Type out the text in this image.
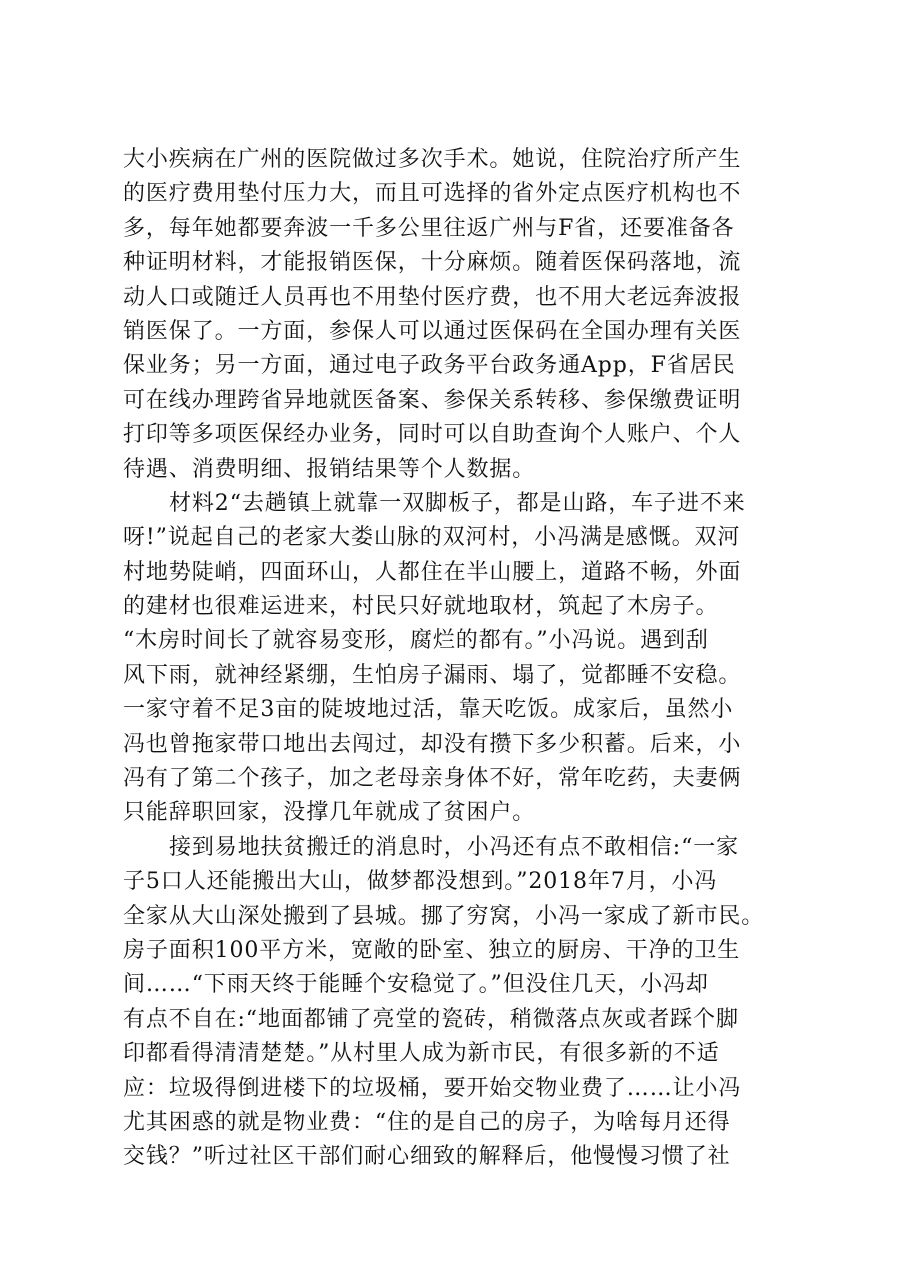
大小疾病在广州的医院做过多次手术。她说，住院治疗所产生
的医疗费用垫付压力大，而且可选择的省外定点医疗机构也不
多，每年她都要奔波一千多公里往返广州与F省，还要准备各
种证明材料，才能报销医保，十分麻烦。随着医保码落地，流
动人口或随迁人员再也不用垫付医疗费，也不用大老远奔波报
销医保了。一方面，参保人可以通过医保码在全国办理有关医
保业务；另一方面，通过电子政务平台政务通App，F省居民
可在线办理跨省异地就医备案、参保关系转移、参保缴费证明
打印等多项医保经办业务，同时可以自助查询个人账户、个人
待遇、消费明细、报销结果等个人数据。
材料2“去趟镇上就靠一双脚板子，都是山路，车子进不来
呀!”说起自己的老家大娄山脉的双河村，小冯满是感慨。双河
村地势陡峭，四面环山，人都住在半山腰上，道路不畅，外面
的建材也很难运进来，村民只好就地取材，筑起了木房子。
“木房时间长了就容易变形，腐烂的都有。”小冯说。遇到刮
风下雨，就神经紧绷，生怕房子漏雨、塌了，觉都睡不安稳。
一家守着不足3亩的陡坡地过活，靠天吃饭。成家后，虽然小
冯也曾拖家带口地出去闯过，却没有攒下多少积蓄。后来，小
冯有了第二个孩子，加之老母亲身体不好，常年吃药，夫妻俩
只能辞职回家，没撑几年就成了贫困户。
接到易地扶贫搬迁的消息时，小冯还有点不敢相信:“一家
子5口人还能搬出大山，做梦都没想到。”2018年7月，小冯
全家从大山深处搬到了县城。挪了穷窝，小冯一家成了新市民。
房子面积100平方米，宽敞的卧室、独立的厨房、干净的卫生
间……“下雨天终于能睡个安稳觉了。”但没住几天，小冯却
有点不自在:“地面都铺了亮堂的瓷砖，稍微落点灰或者踩个脚
印都看得清清楚楚。”从村里人成为新市民，有很多新的不适
应：垃圾得倒进楼下的垃圾桶，要开始交物业费了……让小冯
尤其困惑的就是物业费：“住的是自己的房子，为啥每月还得
交钱？”听过社区干部们耐心细致的解释后，他慢慢习惯了社
